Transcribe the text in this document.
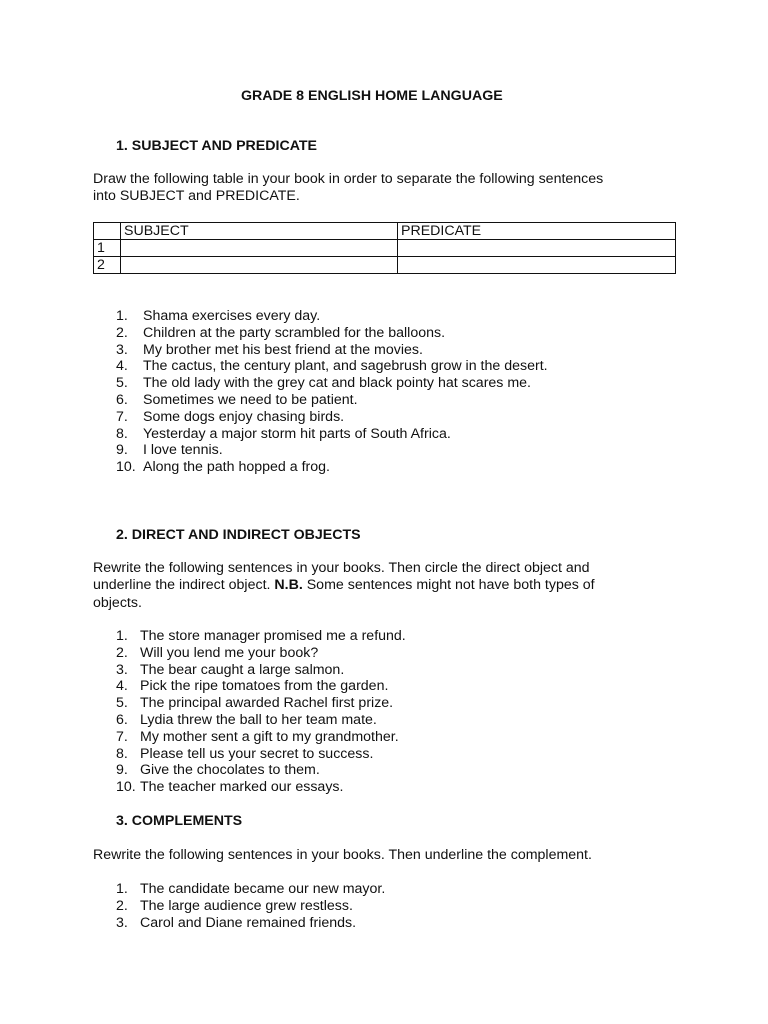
GRADE 8 ENGLISH HOME LANGUAGE
1. SUBJECT AND PREDICATE
Draw the following table in your book in order to separate the following sentences
into SUBJECT and PREDICATE.
	SUBJECT	PREDICATE
1		
2		
1. Shama exercises every day.
2. Children at the party scrambled for the balloons.
3. My brother met his best friend at the movies.
4. The cactus, the century plant, and sagebrush grow in the desert.
5. The old lady with the grey cat and black pointy hat scares me.
6. Sometimes we need to be patient.
7. Some dogs enjoy chasing birds.
8. Yesterday a major storm hit parts of South Africa.
9. I love tennis.
10. Along the path hopped a frog.
2. DIRECT AND INDIRECT OBJECTS
Rewrite the following sentences in your books. Then circle the direct object and
underline the indirect object. N.B. Some sentences might not have both types of
objects.
1. The store manager promised me a refund.
2. Will you lend me your book?
3. The bear caught a large salmon.
4. Pick the ripe tomatoes from the garden.
5. The principal awarded Rachel first prize.
6. Lydia threw the ball to her team mate.
7. My mother sent a gift to my grandmother.
8. Please tell us your secret to success.
9. Give the chocolates to them.
10. The teacher marked our essays.
3. COMPLEMENTS
Rewrite the following sentences in your books. Then underline the complement.
1. The candidate became our new mayor.
2. The large audience grew restless.
3. Carol and Diane remained friends.
